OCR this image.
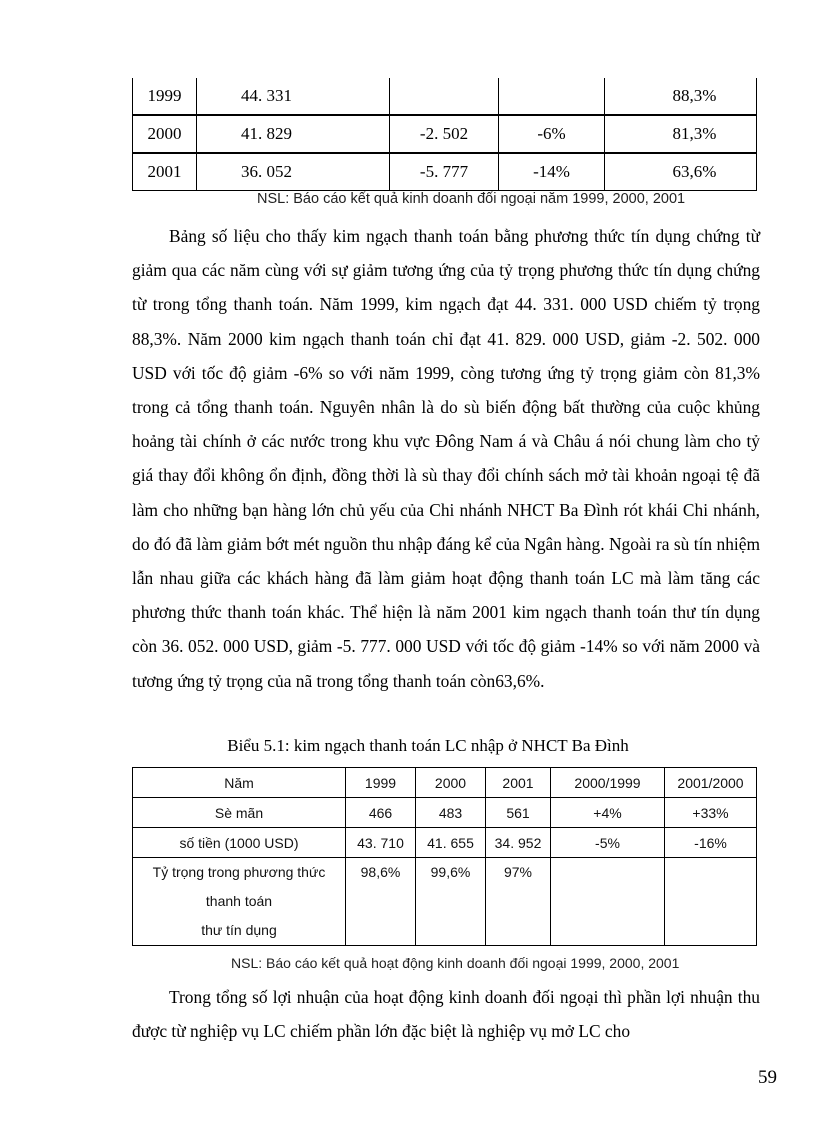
1999	44. 331			88,3%
2000	41. 829	-2. 502	-6%	81,3%
2001	36. 052	-5. 777	-14%	63,6%
NSL: Báo cáo kết quả kinh doanh đối ngoại năm 1999, 2000, 2001

Bảng số liệu cho thấy kim ngạch thanh toán bằng phương thức tín dụng chứng từ giảm qua các năm cùng với sự giảm tương ứng của tỷ trọng phương thức tín dụng chứng từ trong tổng thanh toán. Năm 1999, kim ngạch đạt 44. 331. 000 USD chiếm tỷ trọng 88,3%. Năm 2000 kim ngạch thanh toán chỉ đạt 41. 829. 000 USD, giảm -2. 502. 000 USD với tốc độ giảm -6% so với năm 1999, còng tương ứng tỷ trọng giảm còn 81,3% trong cả tổng thanh toán. Nguyên nhân là do sù biến động bất thường của cuộc khủng hoảng tài chính ở các nước trong khu vực Đông Nam á và Châu á nói chung làm cho tỷ giá thay đổi không ổn định, đồng thời là sù thay đổi chính sách mở tài khoản ngoại tệ đã làm cho những bạn hàng lớn chủ yếu của Chi nhánh NHCT Ba Đình rót khái Chi nhánh, do đó đã làm giảm bớt mét nguồn thu nhập đáng kể của Ngân hàng. Ngoài ra sù tín nhiệm lẫn nhau giữa các khách hàng đã làm giảm hoạt động thanh toán LC mà làm tăng các phương thức thanh toán khác. Thể hiện là năm 2001 kim ngạch thanh toán thư tín dụng còn 36. 052. 000 USD, giảm -5. 777. 000 USD với tốc độ giảm -14% so với năm 2000 và tương ứng tỷ trọng của nã trong tổng thanh toán còn63,6%.

Biểu 5.1: kim ngạch thanh toán LC nhập ở NHCT Ba Đình
Năm	1999	2000	2001	2000/1999	2001/2000
Sè mãn	466	483	561	+4%	+33%
số tiền (1000 USD)	43. 710	41. 655	34. 952	-5%	-16%

Tỷ trọng trong phương thức
thanh toán
thư tín dụng	98,6%	99,6%	97%		
NSL: Báo cáo kết quả hoạt động kinh doanh đối ngoại 1999, 2000, 2001

Trong tổng số lợi nhuận của hoạt động kinh doanh đối ngoại thì phần lợi nhuận thu được từ nghiệp vụ LC chiếm phần lớn đặc biệt là nghiệp vụ mở LC cho

59
